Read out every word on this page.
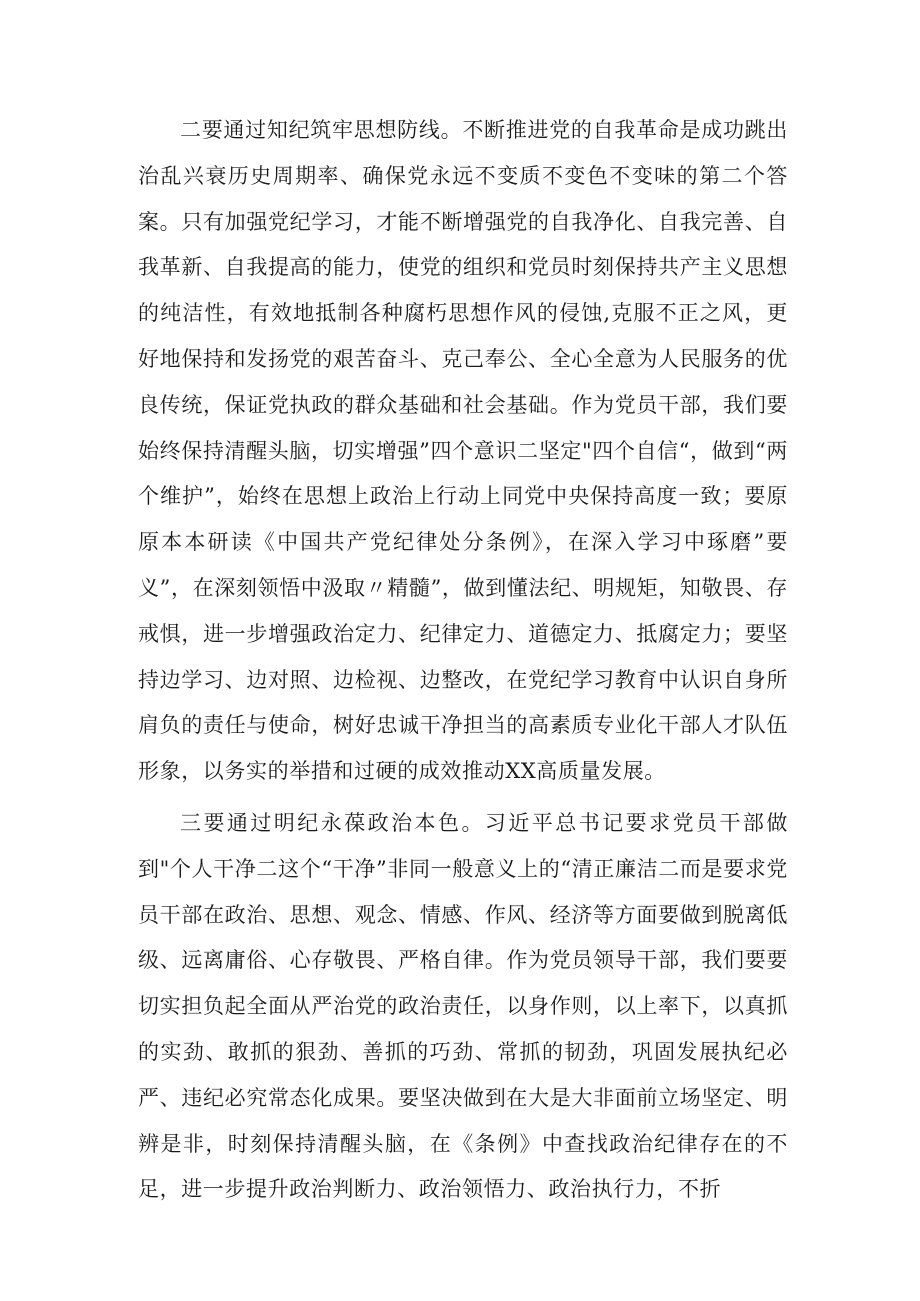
二要通过知纪筑牢思想防线。不断推进党的自我革命是成功跳出治乱兴衰历史周期率、确保党永远不变质不变色不变味的第二个答案。只有加强党纪学习，才能不断增强党的自我净化、自我完善、自我革新、自我提高的能力，使党的组织和党员时刻保持共产主义思想的纯洁性，有效地抵制各种腐朽思想作风的侵蚀,克服不正之风，更好地保持和发扬党的艰苦奋斗、克己奉公、全心全意为人民服务的优良传统，保证党执政的群众基础和社会基础。作为党员干部，我们要始终保持清醒头脑，切实增强”四个意识二坚定"四个自信“，做到“两个维护”，始终在思想上政治上行动上同党中央保持高度一致；要原原本本研读《中国共产党纪律处分条例》，在深入学习中琢磨”要义”，在深刻领悟中汲取〃精髓”，做到懂法纪、明规矩，知敬畏、存戒惧，进一步增强政治定力、纪律定力、道德定力、抵腐定力；要坚持边学习、边对照、边检视、边整改，在党纪学习教育中认识自身所肩负的责任与使命，树好忠诚干净担当的高素质专业化干部人才队伍形象，以务实的举措和过硬的成效推动XX高质量发展。

三要通过明纪永葆政治本色。习近平总书记要求党员干部做到"个人干净二这个“干净”非同一般意义上的“清正廉洁二而是要求党员干部在政治、思想、观念、情感、作风、经济等方面要做到脱离低级、远离庸俗、心存敬畏、严格自律。作为党员领导干部，我们要要切实担负起全面从严治党的政治责任，以身作则，以上率下，以真抓的实劲、敢抓的狠劲、善抓的巧劲、常抓的韧劲，巩固发展执纪必严、违纪必究常态化成果。要坚决做到在大是大非面前立场坚定、明辨是非，时刻保持清醒头脑，在《条例》中查找政治纪律存在的不足，进一步提升政治判断力、政治领悟力、政治执行力，不折
